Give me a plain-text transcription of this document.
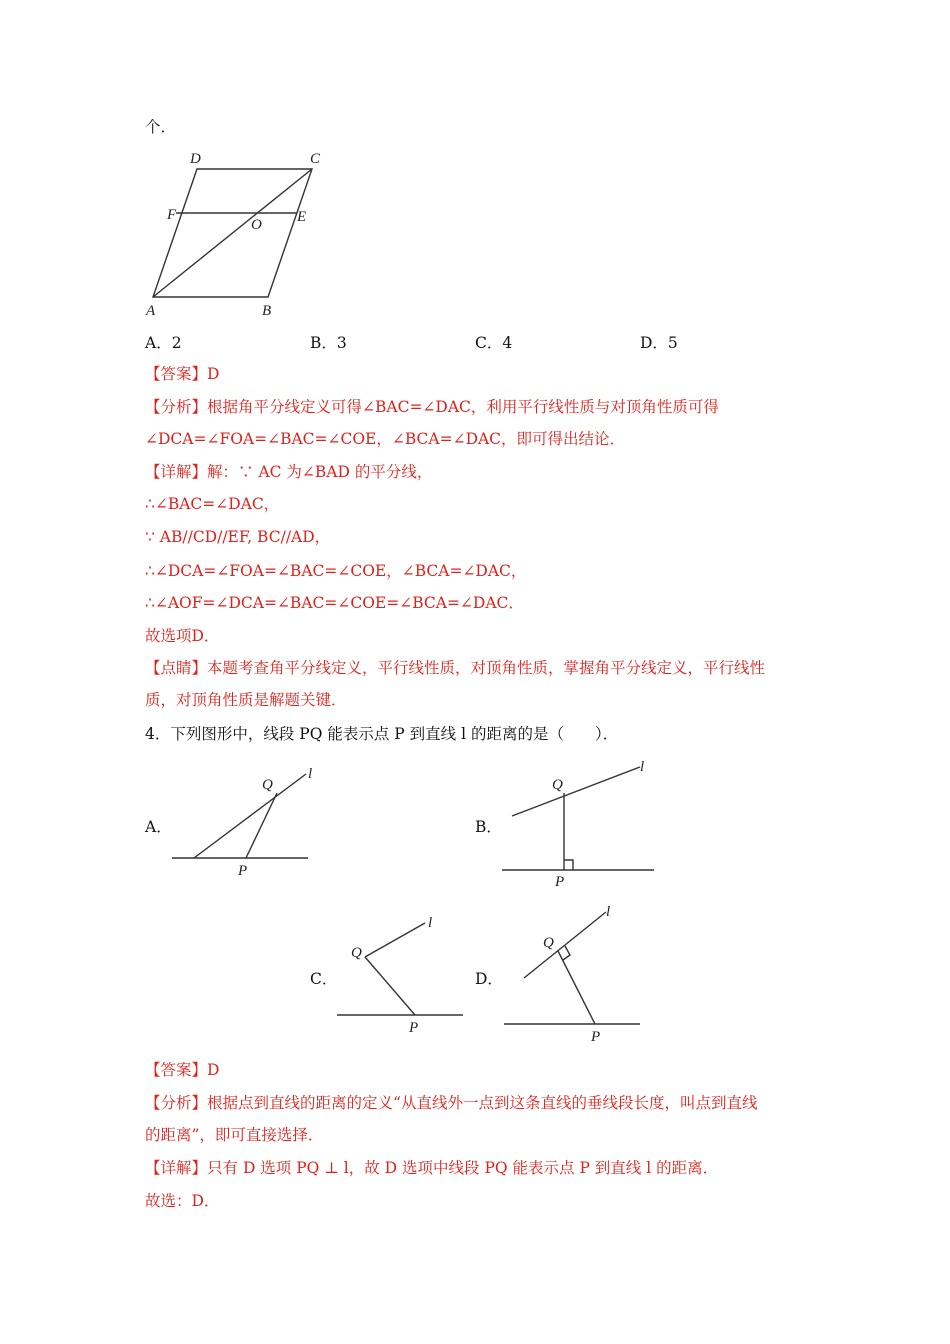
个．
D	C
F
O E
A	B
A．2	B．3	C．4	D．5
【答案】D
【分析】根据角平分线定义可得∠BAC=∠DAC，利用平行线性质与对顶角性质可得
∠DCA=∠FOA=∠BAC=∠COE，∠BCA=∠DAC，即可得出结论．
【详解】解：∵ AC 为∠BAD 的平分线，
∴∠BAC=∠DAC，
∵ AB//CD//EF, BC//AD，
∴∠DCA=∠FOA=∠BAC=∠COE，∠BCA=∠DAC，
∴∠AOF=∠DCA=∠BAC=∠COE=∠BCA=∠DAC．
故选项D．
【点睛】本题考查角平分线定义，平行线性质，对顶角性质，掌握角平分线定义，平行线性
质，对顶角性质是解题关键．
4．下列图形中，线段 PQ 能表示点 P 到直线 l 的距离的是（　　）．
A．	B．
C．	D．
Q
l
P
Q
l
P
Q
l
P
Q
l
P
【答案】D
【分析】根据点到直线的距离的定义“从直线外一点到这条直线的垂线段长度，叫点到直线
的距离”，即可直接选择．
【详解】只有 D 选项 PQ ⊥ l，故 D 选项中线段 PQ 能表示点 P 到直线 l 的距离．
故选：D．
